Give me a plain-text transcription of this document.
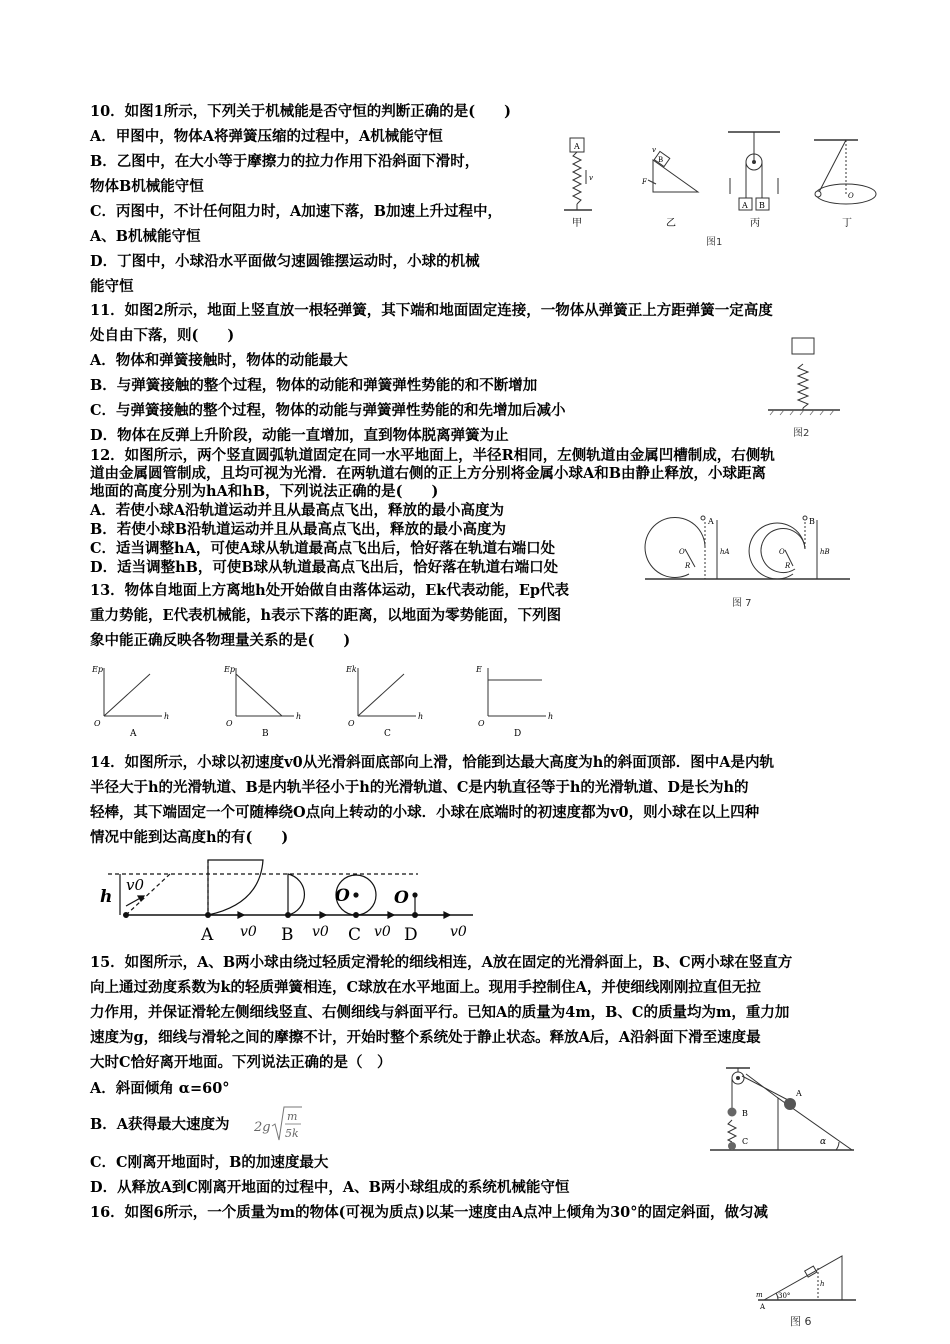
10．如图1所示，下列关于机械能是否守恒的判断正确的是(　　)
A．甲图中，物体A将弹簧压缩的过程中，A机械能守恒
B．乙图中，在大小等于摩擦力的拉力作用下沿斜面下滑时，
物体B机械能守恒
C．丙图中，不计任何阻力时，A加速下落，B加速上升过程中，
A、B机械能守恒
D．丁图中，小球沿水平面做匀速圆锥摆运动时，小球的机械
能守恒
A
v
甲
B
F
v
乙
A B
丙
O
丁
图1
11．如图2所示，地面上竖直放一根轻弹簧，其下端和地面固定连接，一物体从弹簧正上方距弹簧一定高度
处自由下落，则(　　)
A．物体和弹簧接触时，物体的动能最大
B．与弹簧接触的整个过程，物体的动能和弹簧弹性势能的和不断增加
C．与弹簧接触的整个过程，物体的动能与弹簧弹性势能的和先增加后减小
D．物体在反弹上升阶段，动能一直增加，直到物体脱离弹簧为止	图2
12．如图所示，两个竖直圆弧轨道固定在同一水平地面上，半径R相同，左侧轨道由金属凹槽制成，右侧轨
道由金属圆管制成，且均可视为光滑．在两轨道右侧的正上方分别将金属小球A和B由静止释放，小球距离
地面的高度分别为hA和hB，下列说法正确的是(　　)
A．若使小球A沿轨道运动并且从最高点飞出，释放的最小高度为
B．若使小球B沿轨道运动并且从最高点飞出，释放的最小高度为
C．适当调整hA，可使A球从轨道最高点飞出后，恰好落在轨道右端口处
D．适当调整hB，可使B球从轨道最高点飞出后，恰好落在轨道右端口处
A
O
R
hA
B
O
R
hB
图 7
13．物体自地面上方离地h处开始做自由落体运动，Ek代表动能，Ep代表
重力势能，E代表机械能，h表示下落的距离，以地面为零势能面，下列图
象中能正确反映各物理量关系的是(　　)
Ep
O
h
A
Ep
O
h
B
Ek
O
h
C
E
O
h
D
14．如图所示，小球以初速度v0从光滑斜面底部向上滑，恰能到达最大高度为h的斜面顶部．图中A是内轨
半径大于h的光滑轨道、B是内轨半径小于h的光滑轨道、C是内轨直径等于h的光滑轨道、D是长为h的
轻棒，其下端固定一个可随棒绕O点向上转动的小球．小球在底端时的初速度都为v0，则小球在以上四种
情况中能到达高度h的有(　　)
h
v0
A v0 B v0 C
O
v0 D
O
v0
15．如图所示，A、B两小球由绕过轻质定滑轮的细线相连，A放在固定的光滑斜面上，B、C两小球在竖直方
向上通过劲度系数为k的轻质弹簧相连，C球放在水平地面上。现用手控制住A，并使细线刚刚拉直但无拉
力作用，并保证滑轮左侧细线竖直、右侧细线与斜面平行。已知A的质量为4m，B、C的质量均为m，重力加
速度为g，细线与滑轮之间的摩擦不计，开始时整个系统处于静止状态。释放A后，A沿斜面下滑至速度最
大时C恰好离开地面。下列说法正确的是（　）
A．斜面倾角 α=60°
B．A获得最大速度为 2g
m
5k
C．C刚离开地面时，B的加速度最大
D．从释放A到C刚离开地面的过程中，A、B两小球组成的系统机械能守恒
A
B
C	α
16．如图6所示，一个质量为m的物体(可视为质点)以某一速度由A点冲上倾角为30°的固定斜面，做匀减
m 30°
h
A
图 6
